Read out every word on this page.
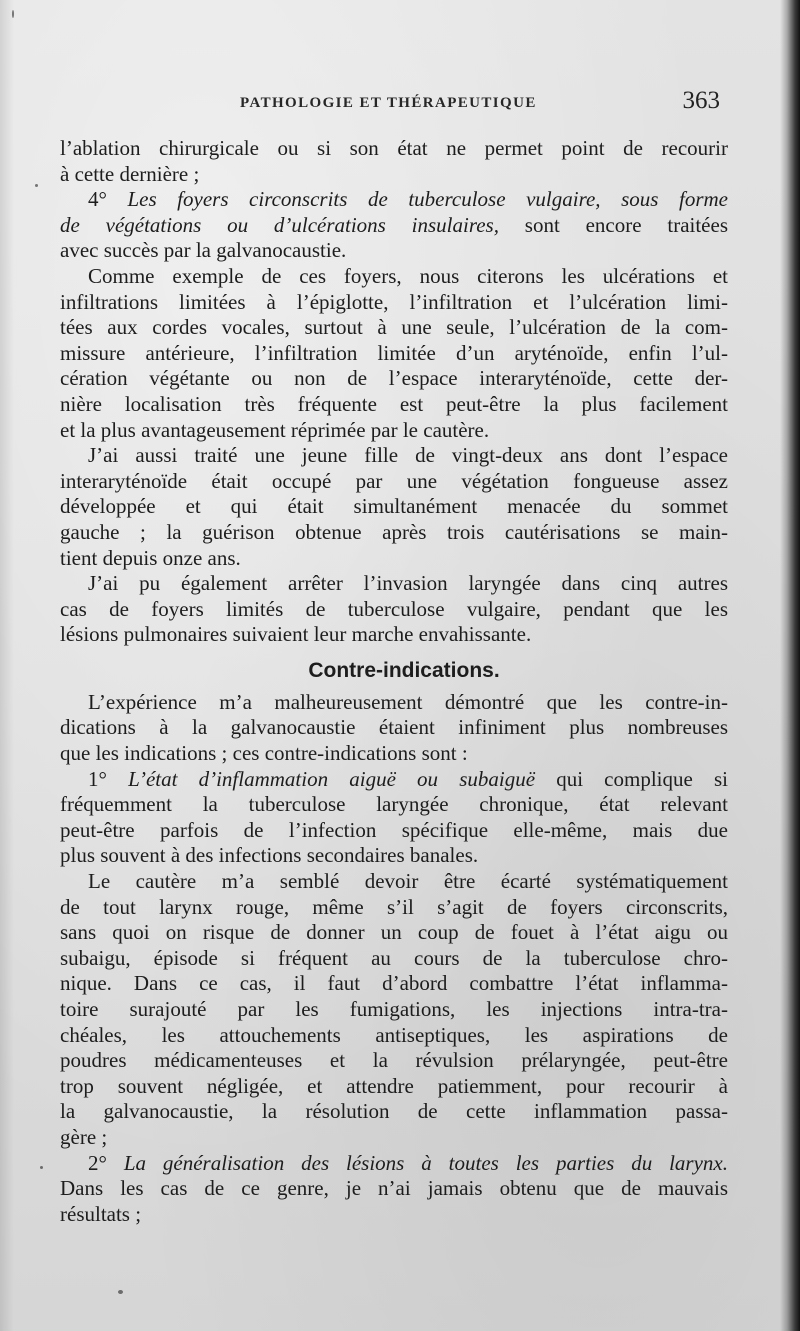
PATHOLOGIE ET THÉRAPEUTIQUE	363
l’ablation chirurgicale ou si son état ne permet point de recourir
à cette dernière ;
4° Les foyers circonscrits de tuberculose vulgaire, sous forme
de végétations ou d’ulcérations insulaires, sont encore traitées
avec succès par la galvanocaustie.
Comme exemple de ces foyers, nous citerons les ulcérations et
infiltrations limitées à l’épiglotte, l’infiltration et l’ulcération limi-
tées aux cordes vocales, surtout à une seule, l’ulcération de la com-
missure antérieure, l’infiltration limitée d’un aryténoïde, enfin l’ul-
cération végétante ou non de l’espace interaryténoïde, cette der-
nière localisation très fréquente est peut-être la plus facilement
et la plus avantageusement réprimée par le cautère.
J’ai aussi traité une jeune fille de vingt-deux ans dont l’espace
interaryténoïde était occupé par une végétation fongueuse assez
développée et qui était simultanément menacée du sommet
gauche ; la guérison obtenue après trois cautérisations se main-
tient depuis onze ans.
J’ai pu également arrêter l’invasion laryngée dans cinq autres
cas de foyers limités de tuberculose vulgaire, pendant que les
lésions pulmonaires suivaient leur marche envahissante.
Contre-indications.
L’expérience m’a malheureusement démontré que les contre-in-
dications à la galvanocaustie étaient infiniment plus nombreuses
que les indications ; ces contre-indications sont :
1° L’état d’inflammation aiguë ou subaiguë qui complique si
fréquemment la tuberculose laryngée chronique, état relevant
peut-être parfois de l’infection spécifique elle-même, mais due
plus souvent à des infections secondaires banales.
Le cautère m’a semblé devoir être écarté systématiquement
de tout larynx rouge, même s’il s’agit de foyers circonscrits,
sans quoi on risque de donner un coup de fouet à l’état aigu ou
subaigu, épisode si fréquent au cours de la tuberculose chro-
nique. Dans ce cas, il faut d’abord combattre l’état inflamma-
toire surajouté par les fumigations, les injections intra-tra-
chéales, les attouchements antiseptiques, les aspirations de
poudres médicamenteuses et la révulsion prélaryngée, peut-être
trop souvent négligée, et attendre patiemment, pour recourir à
la galvanocaustie, la résolution de cette inflammation passa-
gère ;
2° La généralisation des lésions à toutes les parties du larynx.
Dans les cas de ce genre, je n’ai jamais obtenu que de mauvais
résultats ;
